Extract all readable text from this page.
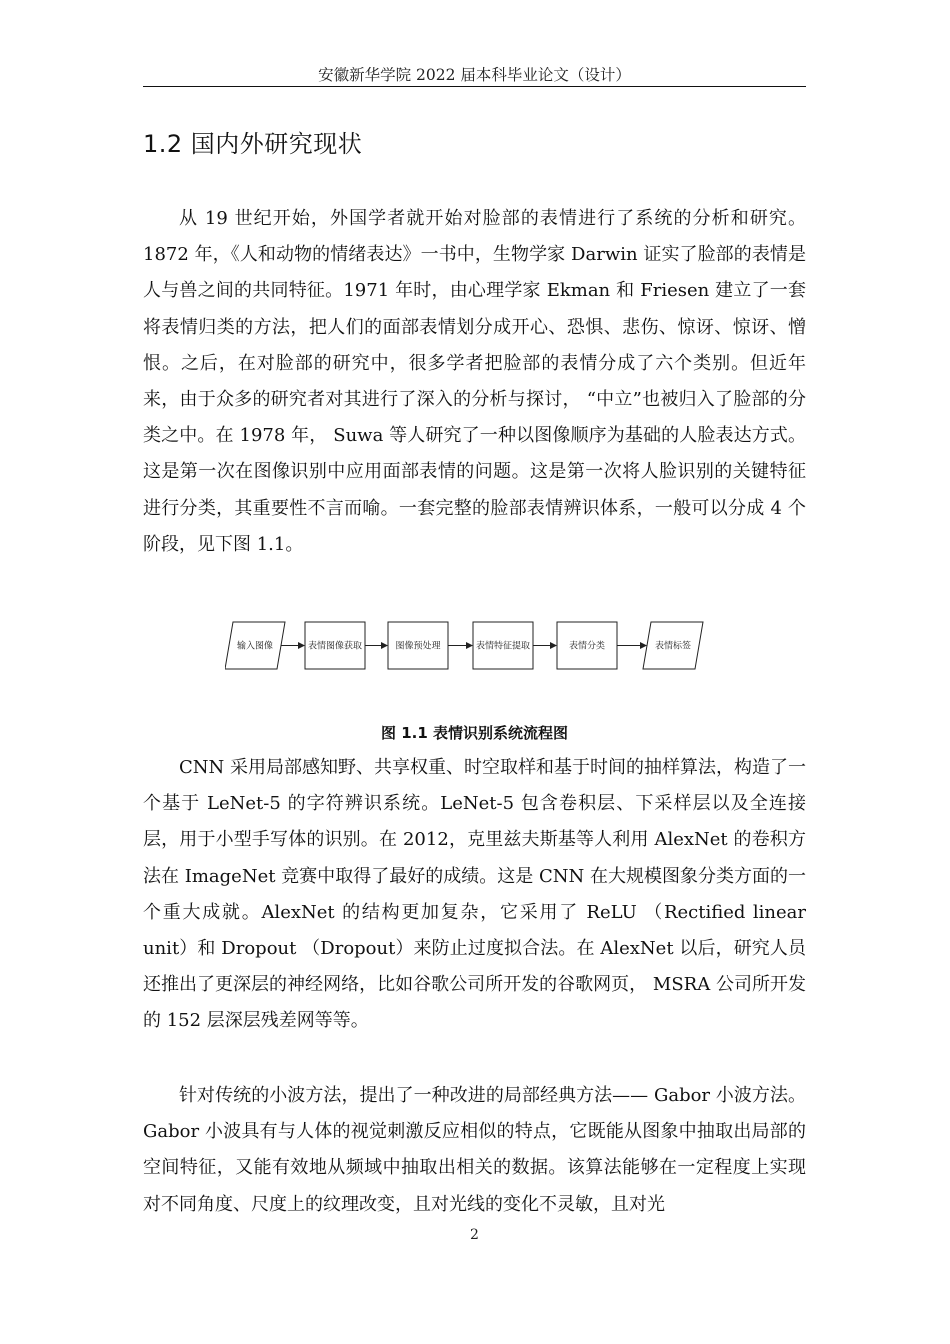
安徽新华学院 2022 届本科毕业论文（设计）
1.2 国内外研究现状

从 19 世纪开始，外国学者就开始对脸部的表情进行了系统的分析和研究。1872 年，《人和动物的情绪表达》一书中，生物学家 Darwin 证实了脸部的表情是人与兽之间的共同特征。1971 年时，由心理学家 Ekman 和 Friesen 建立了一套将表情归类的方法，把人们的面部表情划分成开心、恐惧、悲伤、惊讶、惊讶、憎恨。之后，在对脸部的研究中，很多学者把脸部的表情分成了六个类别。但近年来，由于众多的研究者对其进行了深入的分析与探讨， “中立”也被归入了脸部的分类之中。在 1978 年， Suwa 等人研究了一种以图像顺序为基础的人脸表达方式。这是第一次在图像识别中应用面部表情的问题。这是第一次将人脸识别的关键特征进行分类，其重要性不言而喻。一套完整的脸部表情辨识体系，一般可以分成 4 个阶段，见下图 1.1。

输入图像	表情图像获取	图像预处理	表情特征提取	表情分类	表情标签
图 1.1 表情识别系统流程图

CNN 采用局部感知野、共享权重、时空取样和基于时间的抽样算法，构造了一个基于 LeNet-5 的字符辨识系统。LeNet-5 包含卷积层、下采样层以及全连接层，用于小型手写体的识别。在 2012，克里兹夫斯基等人利用 AlexNet 的卷积方法在 ImageNet 竞赛中取得了最好的成绩。这是 CNN 在大规模图象分类方面的一个重大成就。AlexNet 的结构更加复杂，它采用了 ReLU （Rectified linear unit）和 Dropout （Dropout）来防止过度拟合法。在 AlexNet 以后，研究人员还推出了更深层的神经网络，比如谷歌公司所开发的谷歌网页， MSRA 公司所开发的 152 层深层残差网等等。

针对传统的小波方法，提出了一种改进的局部经典方法—— Gabor 小波方法。Gabor 小波具有与人体的视觉刺激反应相似的特点，它既能从图象中抽取出局部的空间特征，又能有效地从频域中抽取出相关的数据。该算法能够在一定程度上实现对不同角度、尺度上的纹理改变，且对光线的变化不灵敏，且对光

2
